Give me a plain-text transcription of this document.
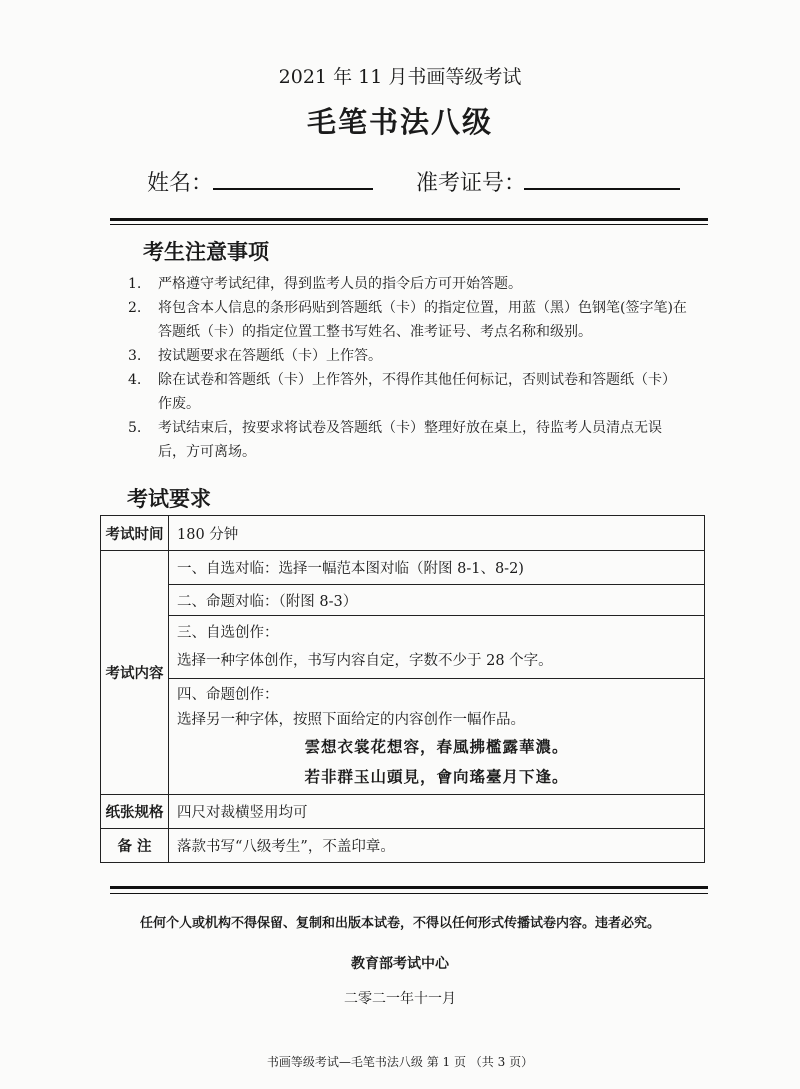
2021 年 11 月书画等级考试
毛笔书法八级
姓名：	准考证号：
考生注意事项
1. 严格遵守考试纪律，得到监考人员的指令后方可开始答题。
2. 将包含本人信息的条形码贴到答题纸（卡）的指定位置，用蓝（黑）色钢笔(签字笔)在答题纸（卡）的指定位置工整书写姓名、准考证号、考点名称和级别。
3. 按试题要求在答题纸（卡）上作答。
4. 除在试卷和答题纸（卡）上作答外，不得作其他任何标记，否则试卷和答题纸（卡）作废。
5. 考试结束后，按要求将试卷及答题纸（卡）整理好放在桌上，待监考人员清点无误后，方可离场。
考试要求
考试时间	180 分钟
考试内容	一、自选对临：选择一幅范本图对临（附图 8-1、8-2)
	二、命题对临：（附图 8-3）

	三、自选创作：
选择一种字体创作，书写内容自定，字数不少于 28 个字。

	四、命题创作：
选择另一种字体，按照下面给定的内容创作一幅作品。
雲想衣裳花想容，春風拂檻露華濃。
若非群玉山頭見，會向瑤臺月下逢。

纸张规格	四尺对裁横竖用均可
备 注	落款书写“八级考生”，不盖印章。
任何个人或机构不得保留、复制和出版本试卷，不得以任何形式传播试卷内容。违者必究。
教育部考试中心
二零二一年十一月
书画等级考试—毛笔书法八级 第 1 页 （共 3 页）
